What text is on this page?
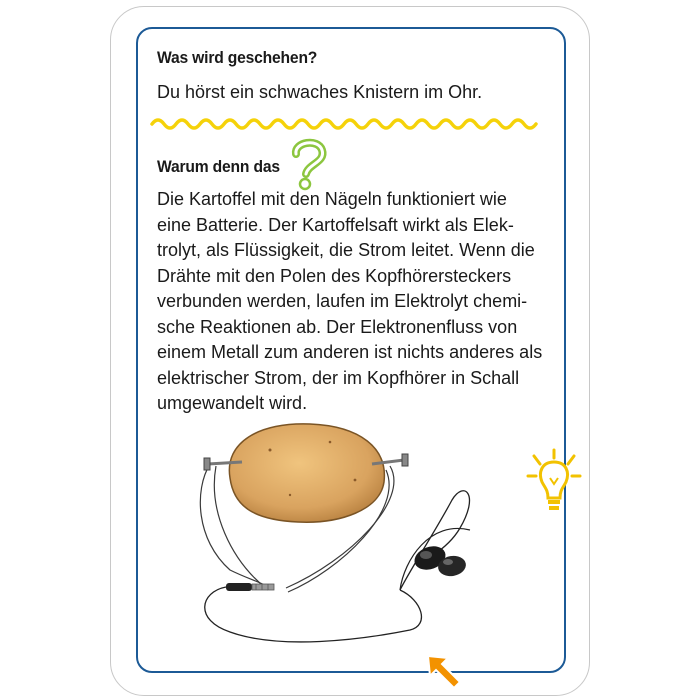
Was wird geschehen?
Du hörst ein schwaches Knistern im Ohr.
Warum denn das
Die Kartoffel mit den Nägeln funktioniert wie
eine Batterie. Der Kartoffelsaft wirkt als Elek-
trolyt, als Flüssigkeit, die Strom leitet. Wenn die
Drähte mit den Polen des Kopfhörersteckers
verbunden werden, laufen im Elektrolyt chemi-
sche Reaktionen ab. Der Elektronenfluss von
einem Metall zum anderen ist nichts anderes als
elektrischer Strom, der im Kopfhörer in Schall
umgewandelt wird.
